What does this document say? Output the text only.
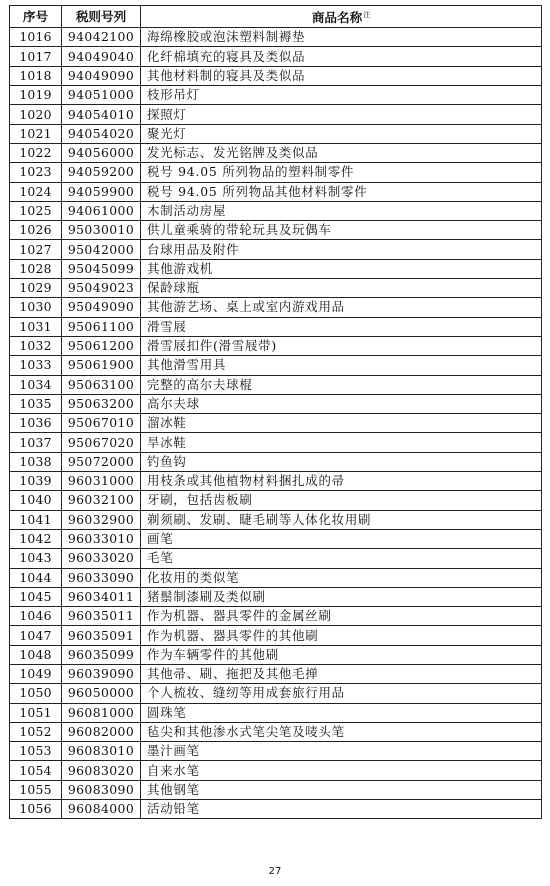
序号	税则号列	商品名称$^注$
1016	94042100	海绵橡胶或泡沫塑料制褥垫
1017	94049040	化纤棉填充的寝具及类似品
1018	94049090	其他材料制的寝具及类似品
1019	94051000	枝形吊灯
1020	94054010	探照灯
1021	94054020	聚光灯
1022	94056000	发光标志、发光铭牌及类似品
1023	94059200	税号 94.05 所列物品的塑料制零件
1024	94059900	税号 94.05 所列物品其他材料制零件
1025	94061000	木制活动房屋
1026	95030010	供儿童乘骑的带轮玩具及玩偶车
1027	95042000	台球用品及附件
1028	95045099	其他游戏机
1029	95049023	保龄球瓶
1030	95049090	其他游艺场、桌上或室内游戏用品
1031	95061100	滑雪屐
1032	95061200	滑雪屐扣件(滑雪屐带)
1033	95061900	其他滑雪用具
1034	95063100	完整的高尔夫球棍
1035	95063200	高尔夫球
1036	95067010	溜冰鞋
1037	95067020	旱冰鞋
1038	95072000	钓鱼钩
1039	96031000	用枝条或其他植物材料捆扎成的帚
1040	96032100	牙刷，包括齿板刷
1041	96032900	剃须刷、发刷、睫毛刷等人体化妆用刷
1042	96033010	画笔
1043	96033020	毛笔
1044	96033090	化妆用的类似笔
1045	96034011	猪鬃制漆刷及类似刷
1046	96035011	作为机器、器具零件的金属丝刷
1047	96035091	作为机器、器具零件的其他刷
1048	96035099	作为车辆零件的其他刷
1049	96039090	其他帚、刷、拖把及其他毛掸
1050	96050000	个人梳妆、缝纫等用成套旅行用品
1051	96081000	圆珠笔
1052	96082000	毡尖和其他渗水式笔尖笔及唛头笔
1053	96083010	墨汁画笔
1054	96083020	自来水笔
1055	96083090	其他钢笔
1056	96084000	活动铅笔
27
